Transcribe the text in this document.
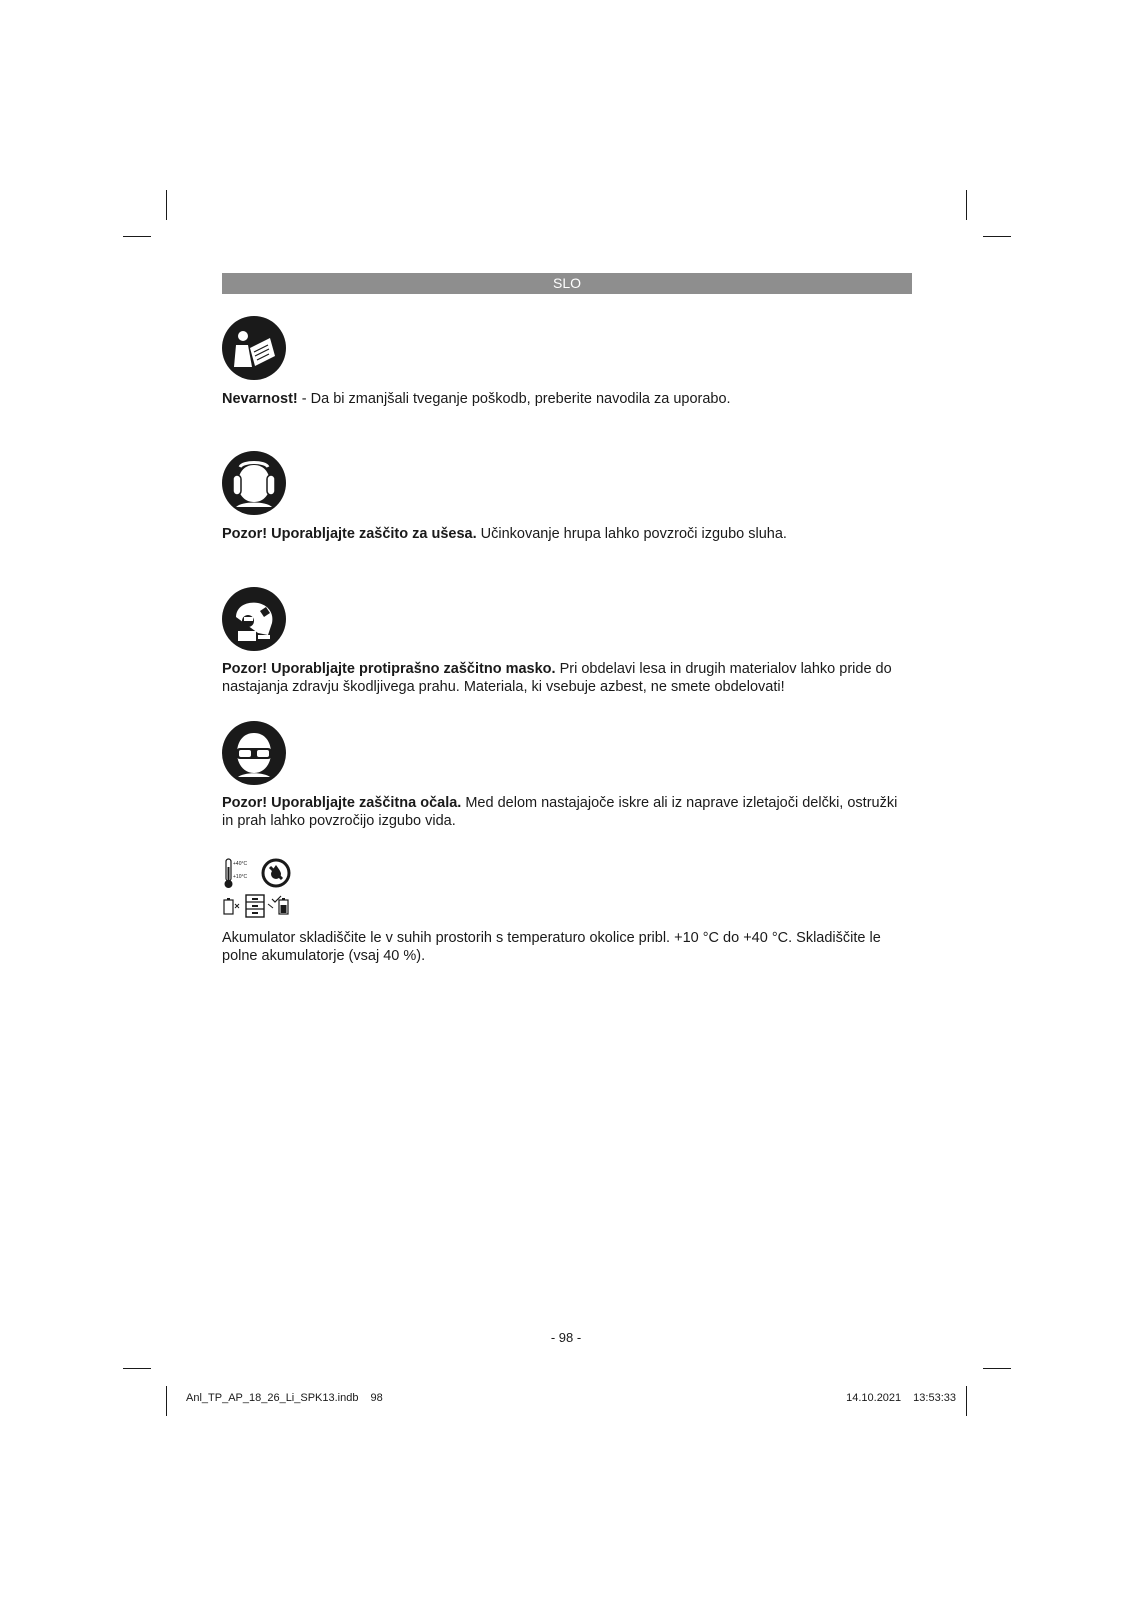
SLO

Nevarnost! - Da bi zmanjšali tveganje poškodb, preberite navodila za uporabo.

Pozor! Uporabljajte zaščito za ušesa. Učinkovanje hrupa lahko povzroči izgubo sluha.

Pozor! Uporabljajte protiprašno zaščitno masko. Pri obdelavi lesa in drugih materialov lahko pride do nastajanja zdravju škodljivega prahu. Materiala, ki vsebuje azbest, ne smete obdelovati!

Pozor! Uporabljajte zaščitna očala. Med delom nastajajoče iskre ali iz naprave izletajoči delčki, ostružki in prah lahko povzročijo izgubo vida.

+40°C
+10°C

Akumulator skladiščite le v suhih prostorih s temperaturo okolice pribl. +10 °C do +40 °C. Skladiščite le polne akumulatorje (vsaj 40 %).

- 98 -
Anl_TP_AP_18_26_Li_SPK13.indb 98	14.10.2021 13:53:33
